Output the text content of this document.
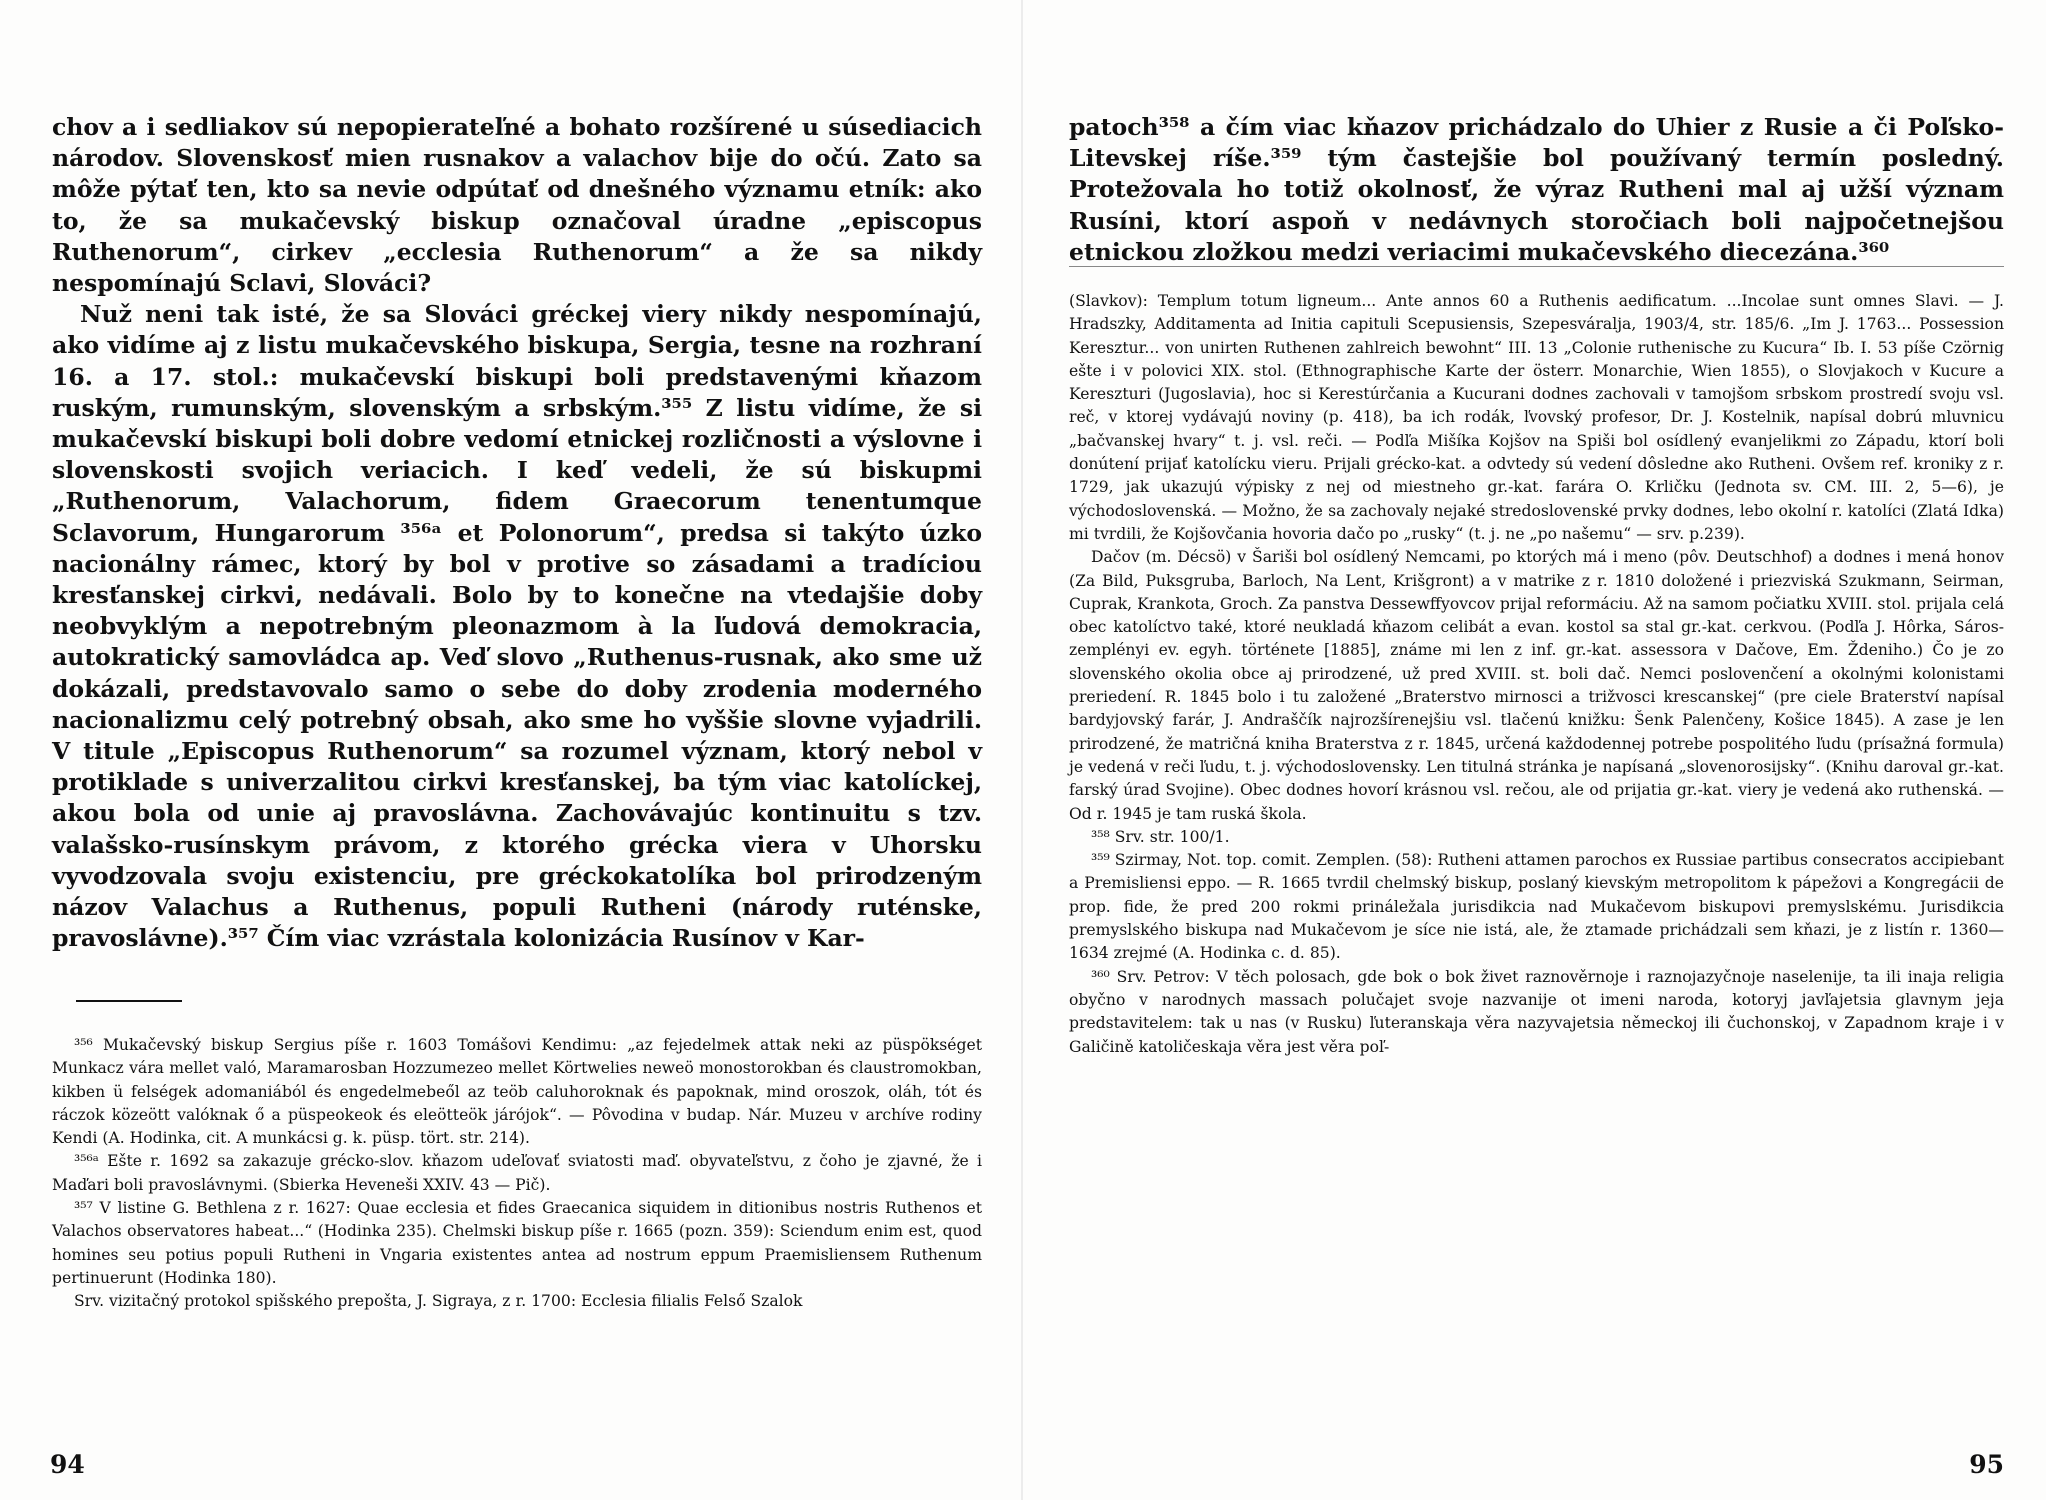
chov a i sedliakov sú nepopierateľné a bohato rozšírené u súsediacich národov. Slovenskosť mien rusnakov a valachov bije do očú. Zato sa môže pýtať ten, kto sa nevie odpútať od dnešného významu etník: ako to, že sa mukačevský biskup označoval úradne „episcopus Ruthenorum“, cirkev „ecclesia Ruthenorum“ a že sa nikdy nespomínajú Sclavi, Slováci?

Nuž neni tak isté, že sa Slováci gréckej viery nikdy nespomínajú, ako vidíme aj z listu mukačevského biskupa, Sergia, tesne na rozhraní 16. a 17. stol.: mukačevskí biskupi boli predstavenými kňazom ruským, rumunským, slovenským a srbským.³⁵⁵ Z listu vidíme, že si mukačevskí biskupi boli dobre vedomí etnickej rozličnosti a výslovne i slovenskosti svojich veriacich. I keď vedeli, že sú biskupmi „Ruthenorum, Valachorum, fidem Graecorum tenentumque Sclavorum, Hungarorum ³⁵⁶ᵃ et Polonorum“, predsa si takýto úzko nacionálny rámec, ktorý by bol v protive so zásadami a tradíciou kresťanskej cirkvi, nedávali. Bolo by to konečne na vtedajšie doby neobvyklým a nepotrebným pleonazmom à la ľudová demokracia, autokratický samovládca ap. Veď slovo „Ruthenus-rusnak, ako sme už dokázali, predstavovalo samo o sebe do doby zrodenia moderného nacionalizmu celý potrebný obsah, ako sme ho vyššie slovne vyjadrili. V titule „Episcopus Ruthenorum“ sa rozumel význam, ktorý nebol v protiklade s univerzalitou cirkvi kresťanskej, ba tým viac katolíckej, akou bola od unie aj pravoslávna. Zachovávajúc kontinuitu s tzv. valašsko-rusínskym právom, z ktorého grécka viera v Uhorsku vyvodzovala svoju existenciu, pre gréckokatolíka bol prirodzeným názov Valachus a Ruthenus, populi Rutheni (národy ruténske, pravoslávne).³⁵⁷ Čím viac vzrástala kolonizácia Rusínov v Kar-

³⁵⁶ Mukačevský biskup Sergius píše r. 1603 Tomášovi Kendimu: „az fejedelmek attak neki az püspökséget Munkacz vára mellet való, Maramarosban Hozzumezeo mellet Körtwelies neweö monostorokban és claustromokban, kikben ü felségek adomaniából és engedelmebeől az teöb caluhoroknak és papoknak, mind oroszok, oláh, tót és ráczok közeött valóknak ő a püspeokeok és eleötteök járójok“. — Pôvodina v budap. Nár. Muzeu v archíve rodiny Kendi (A. Hodinka, cit. A munkácsi g. k. püsp. tört. str. 214).

³⁵⁶ᵃ Ešte r. 1692 sa zakazuje grécko-slov. kňazom udeľovať sviatosti maď. obyvateľstvu, z čoho je zjavné, že i Maďari boli pravoslávnymi. (Sbierka Heveneši XXIV. 43 — Pič).

³⁵⁷ V listine G. Bethlena z r. 1627: Quae ecclesia et fides Graecanica siquidem in ditionibus nostris Ruthenos et Valachos observatores habeat...“ (Hodinka 235). Chelmski biskup píše r. 1665 (pozn. 359): Sciendum enim est, quod homines seu potius populi Rutheni in Vngaria existentes antea ad nostrum eppum Praemisliensem Ruthenum pertinuerunt (Hodinka 180).

Srv. vizitačný protokol spišského prepošta, J. Sigraya, z r. 1700: Ecclesia filialis Felső Szalok

94

patoch³⁵⁸ a čím viac kňazov prichádzalo do Uhier z Rusie a či Poľsko-Litevskej ríše.³⁵⁹ tým častejšie bol používaný termín posledný. Protežovala ho totiž okolnosť, že výraz Rutheni mal aj užší význam Rusíni, ktorí aspoň v nedávnych storočiach boli najpočetnejšou etnickou zložkou medzi veriacimi mukačevského diecezána.³⁶⁰

(Slavkov): Templum totum ligneum... Ante annos 60 a Ruthenis aedificatum. ...Incolae sunt omnes Slavi. — J. Hradszky, Additamenta ad Initia capituli Scepusiensis, Szepesváralja, 1903/4, str. 185/6. „Im J. 1763... Possession Keresztur... von unirten Ruthenen zahlreich bewohnt“ III. 13 „Colonie ruthenische zu Kucura“ Ib. I. 53 píše Czörnig ešte i v polovici XIX. stol. (Ethnographische Karte der österr. Monarchie, Wien 1855), o Slovjakoch v Kucure a Kereszturi (Jugoslavia), hoc si Kerestúrčania a Kucurani dodnes zachovali v tamojšom srbskom prostredí svoju vsl. reč, v ktorej vydávajú noviny (p. 418), ba ich rodák, ľvovský profesor, Dr. J. Kostelnik, napísal dobrú mluvnicu „bačvanskej hvary“ t. j. vsl. reči. — Podľa Mišíka Kojšov na Spiši bol osídlený evanjelikmi zo Západu, ktorí boli donútení prijať katolícku vieru. Prijali grécko-kat. a odvtedy sú vedení dôsledne ako Rutheni. Ovšem ref. kroniky z r. 1729, jak ukazujú výpisky z nej od miestneho gr.-kat. farára O. Krličku (Jednota sv. CM. III. 2, 5—6), je východoslovenská. — Možno, že sa zachovaly nejaké stredoslovenské prvky dodnes, lebo okolní r. katolíci (Zlatá Idka) mi tvrdili, že Kojšovčania hovoria dačo po „rusky“ (t. j. ne „po našemu“ — srv. p.239).

Dačov (m. Décsö) v Šariši bol osídlený Nemcami, po ktorých má i meno (pôv. Deutschhof) a dodnes i mená honov (Za Bild, Puksgruba, Barloch, Na Lent, Krišgront) a v matrike z r. 1810 doložené i priezviská Szukmann, Seirman, Cuprak, Krankota, Groch. Za panstva Dessewffyovcov prijal reformáciu. Až na samom počiatku XVIII. stol. prijala celá obec katolíctvo také, ktoré neukladá kňazom celibát a evan. kostol sa stal gr.-kat. cerkvou. (Podľa J. Hôrka, Sáros-zemplényi ev. egyh. története [1885], známe mi len z inf. gr.-kat. assessora v Dačove, Em. Ždeniho.) Čo je zo slovenského okolia obce aj prirodzené, už pred XVIII. st. boli dač. Nemci poslovenčení a okolnými kolonistami preriedení. R. 1845 bolo i tu založené „Braterstvo mirnosci a trižvosci krescanskej“ (pre ciele Braterství napísal bardyjovský farár, J. Andraščík najrozšírenejšiu vsl. tlačenú knižku: Šenk Palenčeny, Košice 1845). A zase je len prirodzené, že matričná kniha Braterstva z r. 1845, určená každodennej potrebe pospolitého ľudu (prísažná formula) je vedená v reči ľudu, t. j. východoslovensky. Len titulná stránka je napísaná „slovenorosijsky“. (Knihu daroval gr.-kat. farský úrad Svojine). Obec dodnes hovorí krásnou vsl. rečou, ale od prijatia gr.-kat. viery je vedená ako ruthenská. — Od r. 1945 je tam ruská škola.

³⁵⁸ Srv. str. 100/1.

³⁵⁹ Szirmay, Not. top. comit. Zemplen. (58): Rutheni attamen parochos ex Russiae partibus consecratos accipiebant a Premisliensi eppo. — R. 1665 tvrdil chelmský biskup, poslaný kievským metropolitom k pápežovi a Kongregácii de prop. fide, že pred 200 rokmi prináležala jurisdikcia nad Mukačevom biskupovi premyslskému. Jurisdikcia premyslského biskupa nad Mukačevom je síce nie istá, ale, že ztamade prichádzali sem kňazi, je z listín r. 1360—1634 zrejmé (A. Hodinka c. d. 85).

³⁶⁰ Srv. Petrov: V těch polosach, gde bok o bok živet raznověrnoje i raznojazyčnoje naselenije, ta ili inaja religia obyčno v narodnych massach polučajet svoje nazvanije ot imeni naroda, kotoryj javľajetsia glavnym jeja predstavitelem: tak u nas (v Rusku) ľuteranskaja věra nazyvajetsia německoj ili čuchonskoj, v Zapadnom kraje i v Galičině katoličeskaja věra jest věra poľ-

95
